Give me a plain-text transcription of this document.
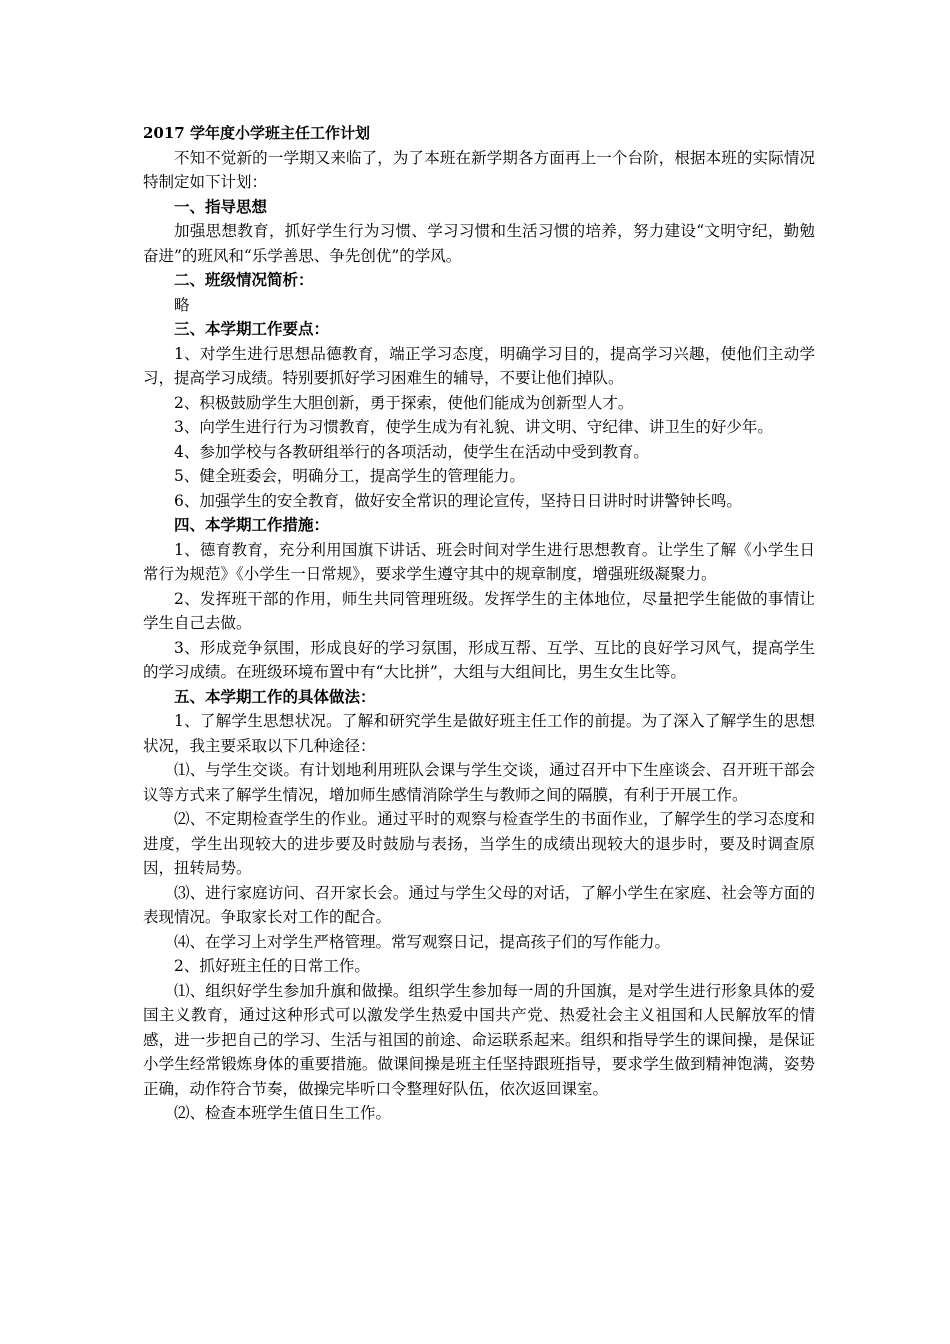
2017 学年度小学班主任工作计划

不知不觉新的一学期又来临了，为了本班在新学期各方面再上一个台阶，根据本班的实际情况特制定如下计划：

一、指导思想

加强思想教育，抓好学生行为习惯、学习习惯和生活习惯的培养，努力建设“文明守纪，勤勉奋进”的班风和“乐学善思、争先创优”的学风。

二、班级情况简析：

略

三、本学期工作要点：

1、对学生进行思想品德教育，端正学习态度，明确学习目的，提高学习兴趣，使他们主动学习，提高学习成绩。特别要抓好学习困难生的辅导，不要让他们掉队。

2、积极鼓励学生大胆创新，勇于探索，使他们能成为创新型人才。

3、向学生进行行为习惯教育，使学生成为有礼貌、讲文明、守纪律、讲卫生的好少年。

4、参加学校与各教研组举行的各项活动，使学生在活动中受到教育。

5、健全班委会，明确分工，提高学生的管理能力。

6、加强学生的安全教育，做好安全常识的理论宣传，坚持日日讲时时讲警钟长鸣。

四、本学期工作措施：

1、德育教育，充分利用国旗下讲话、班会时间对学生进行思想教育。让学生了解《小学生日常行为规范》《小学生一日常规》，要求学生遵守其中的规章制度，增强班级凝聚力。

2、发挥班干部的作用，师生共同管理班级。发挥学生的主体地位，尽量把学生能做的事情让学生自己去做。

3、形成竞争氛围，形成良好的学习氛围，形成互帮、互学、互比的良好学习风气，提高学生的学习成绩。在班级环境布置中有“大比拼”，大组与大组间比，男生女生比等。

五、本学期工作的具体做法：

1、了解学生思想状况。了解和研究学生是做好班主任工作的前提。为了深入了解学生的思想状况，我主要采取以下几种途径：

⑴、与学生交谈。有计划地利用班队会课与学生交谈，通过召开中下生座谈会、召开班干部会议等方式来了解学生情况，增加师生感情消除学生与教师之间的隔膜，有利于开展工作。

⑵、不定期检查学生的作业。通过平时的观察与检查学生的书面作业，了解学生的学习态度和进度，学生出现较大的进步要及时鼓励与表扬，当学生的成绩出现较大的退步时，要及时调查原因，扭转局势。

⑶、进行家庭访问、召开家长会。通过与学生父母的对话，了解小学生在家庭、社会等方面的表现情况。争取家长对工作的配合。

⑷、在学习上对学生严格管理。常写观察日记，提高孩子们的写作能力。

2、抓好班主任的日常工作。

⑴、组织好学生参加升旗和做操。组织学生参加每一周的升国旗，是对学生进行形象具体的爱国主义教育，通过这种形式可以激发学生热爱中国共产党、热爱社会主义祖国和人民解放军的情感，进一步把自己的学习、生活与祖国的前途、命运联系起来。组织和指导学生的课间操，是保证小学生经常锻炼身体的重要措施。做课间操是班主任坚持跟班指导，要求学生做到精神饱满，姿势正确，动作符合节奏，做操完毕听口令整理好队伍，依次返回课室。

⑵、检查本班学生值日生工作。
